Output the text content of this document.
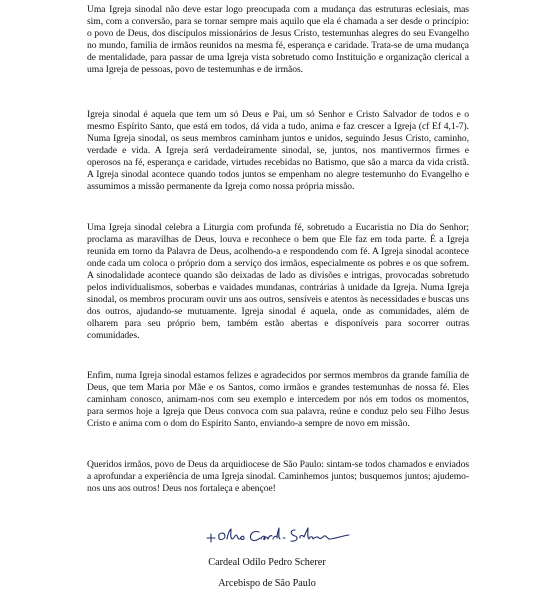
Uma Igreja sinodal não deve estar logo preocupada com a mudança das estruturas eclesiais, mas sim, com a conversão, para se tornar sempre mais aquilo que ela é chamada a ser desde o princípio: o povo de Deus, dos discípulos missionários de Jesus Cristo, testemunhas alegres do seu Evangelho no mundo, família de irmãos reunidos na mesma fé, esperança e caridade. Trata-se de uma mudança de mentalidade, para passar de uma Igreja vista sobretudo como Instituição e organização clerical a uma Igreja de pessoas, povo de testemunhas e de irmãos.

Igreja sinodal é aquela que tem um só Deus e Pai, um só Senhor e Cristo Salvador de todos e o mesmo Espírito Santo, que está em todos, dá vida a tudo, anima e faz crescer a Igreja (cf Ef 4,1-7). Numa Igreja sinodal, os seus membros caminham juntos e unidos, seguindo Jesus Cristo, caminho, verdade e vida. A Igreja será verdadeiramente sinodal, se, juntos, nos mantivermos firmes e operosos na fé, esperança e caridade, virtudes recebidas no Batismo, que são a marca da vida cristã. A Igreja sinodal acontece quando todos juntos se empenham no alegre testemunho do Evangelho e assumimos a missão permanente da Igreja como nossa própria missão.

Uma Igreja sinodal celebra a Liturgia com profunda fé, sobretudo a Eucaristia no Dia do Senhor; proclama as maravilhas de Deus, louva e reconhece o bem que Ele faz em toda parte. É a Igreja reunida em torno da Palavra de Deus, acolhendo-a e respondendo com fé. A Igreja sinodal acontece onde cada um coloca o próprio dom a serviço dos irmãos, especialmente os pobres e os que sofrem. A sinodalidade acontece quando são deixadas de lado as divisões e intrigas, provocadas sobretudo pelos individualismos, soberbas e vaidades mundanas, contrárias à unidade da Igreja. Numa Igreja sinodal, os membros procuram ouvir uns aos outros, sensíveis e atentos às necessidades e buscas uns dos outros, ajudando-se mutuamente. Igreja sinodal é aquela, onde as comunidades, além de olharem para seu próprio bem, também estão abertas e disponíveis para socorrer outras comunidades.

Enfim, numa Igreja sinodal estamos felizes e agradecidos por sermos membros da grande família de Deus, que tem Maria por Mãe e os Santos, como irmãos e grandes testemunhas de nossa fé. Eles caminham conosco, animam-nos com seu exemplo e intercedem por nós em todos os momentos, para sermos hoje a Igreja que Deus convoca com sua palavra, reúne e conduz pelo seu Filho Jesus Cristo e anima com o dom do Espírito Santo, enviando-a sempre de novo em missão.

Queridos irmãos, povo de Deus da arquidiocese de São Paulo: sintam-se todos chamados e enviados a aprofundar a experiência de uma Igreja sinodal. Caminhemos juntos; busquemos juntos; ajudemo-nos uns aos outros! Deus nos fortaleça e abençoe!

Cardeal Odilo Pedro Scherer

Arcebispo de São Paulo
